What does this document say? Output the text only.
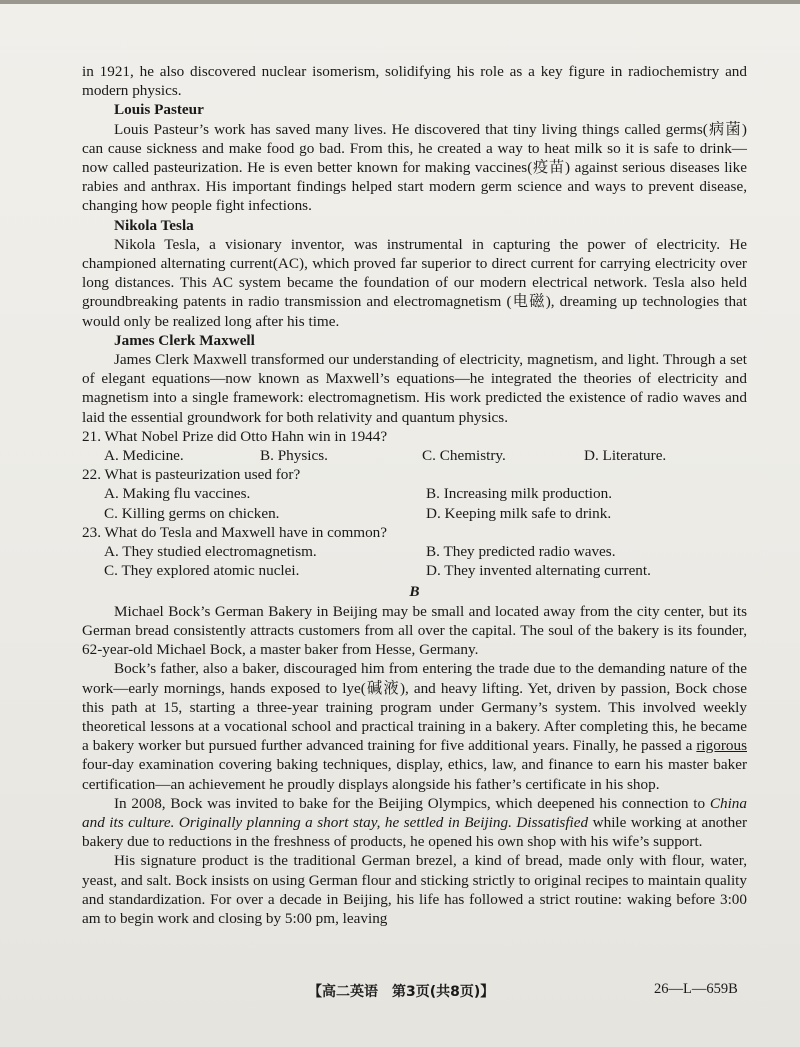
in 1921, he also discovered nuclear isomerism, solidifying his role as a key figure in radiochemistry and modern physics.

Louis Pasteur

Louis Pasteur’s work has saved many lives. He discovered that tiny living things called germs(病菌) can cause sickness and make food go bad. From this, he created a way to heat milk so it is safe to drink—now called pasteurization. He is even better known for making vaccines(疫苗) against serious diseases like rabies and anthrax. His important findings helped start modern germ science and ways to prevent disease, changing how people fight infections.

Nikola Tesla

Nikola Tesla, a visionary inventor, was instrumental in capturing the power of electricity. He championed alternating current(AC), which proved far superior to direct current for carrying electricity over long distances. This AC system became the foundation of our modern electrical network. Tesla also held groundbreaking patents in radio transmission and electromagnetism (电磁), dreaming up technologies that would only be realized long after his time.

James Clerk Maxwell

James Clerk Maxwell transformed our understanding of electricity, magnetism, and light. Through a set of elegant equations—now known as Maxwell’s equations—he integrated the theories of electricity and magnetism into a single framework: electromagnetism. His work predicted the existence of radio waves and laid the essential groundwork for both relativity and quantum physics.

21. What Nobel Prize did Otto Hahn win in 1944?

A. Medicine.	B. Physics.	C. Chemistry.	D. Literature.

22. What is pasteurization used for?

A. Making flu vaccines.	B. Increasing milk production.
C. Killing germs on chicken.	D. Keeping milk safe to drink.

23. What do Tesla and Maxwell have in common?

A. They studied electromagnetism.	B. They predicted radio waves.
C. They explored atomic nuclei.	D. They invented alternating current.

B

Michael Bock’s German Bakery in Beijing may be small and located away from the city center, but its German bread consistently attracts customers from all over the capital. The soul of the bakery is its founder, 62-year-old Michael Bock, a master baker from Hesse, Germany.

Bock’s father, also a baker, discouraged him from entering the trade due to the demanding nature of the work—early mornings, hands exposed to lye(碱液), and heavy lifting. Yet, driven by passion, Bock chose this path at 15, starting a three-year training program under Germany’s system. This involved weekly theoretical lessons at a vocational school and practical training in a bakery. After completing this, he became a bakery worker but pursued further advanced training for five additional years. Finally, he passed a rigorous four-day examination covering baking techniques, display, ethics, law, and finance to earn his master baker certification—an achievement he proudly displays alongside his father’s certificate in his shop.

In 2008, Bock was invited to bake for the Beijing Olympics, which deepened his connection to China and its culture. Originally planning a short stay, he settled in Beijing. Dissatisfied while working at another bakery due to reductions in the freshness of products, he opened his own shop with his wife’s support.

His signature product is the traditional German brezel, a kind of bread, made only with flour, water, yeast, and salt. Bock insists on using German flour and sticking strictly to original recipes to maintain quality and standardization. For over a decade in Beijing, his life has followed a strict routine: waking before 3:00 am to begin work and closing by 5:00 pm, leaving

【高二英语　第3页(共8页)】	26—L—659B
